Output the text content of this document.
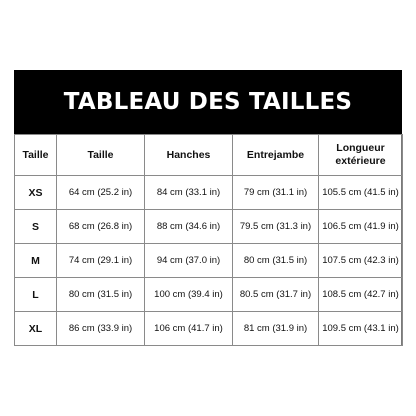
TABLEAU DES TAILLES
Taille	Taille	Hanches	Entrejambe	Longueur extérieure
XS	64 cm (25.2 in)	84 cm (33.1 in)	79 cm (31.1 in)	105.5 cm (41.5 in)
S	68 cm (26.8 in)	88 cm (34.6 in)	79.5 cm (31.3 in)	106.5 cm (41.9 in)
M	74 cm (29.1 in)	94 cm (37.0 in)	80 cm (31.5 in)	107.5 cm (42.3 in)
L	80 cm (31.5 in)	100 cm (39.4 in)	80.5 cm (31.7 in)	108.5 cm (42.7 in)
XL	86 cm (33.9 in)	106 cm (41.7 in)	81 cm (31.9 in)	109.5 cm (43.1 in)
